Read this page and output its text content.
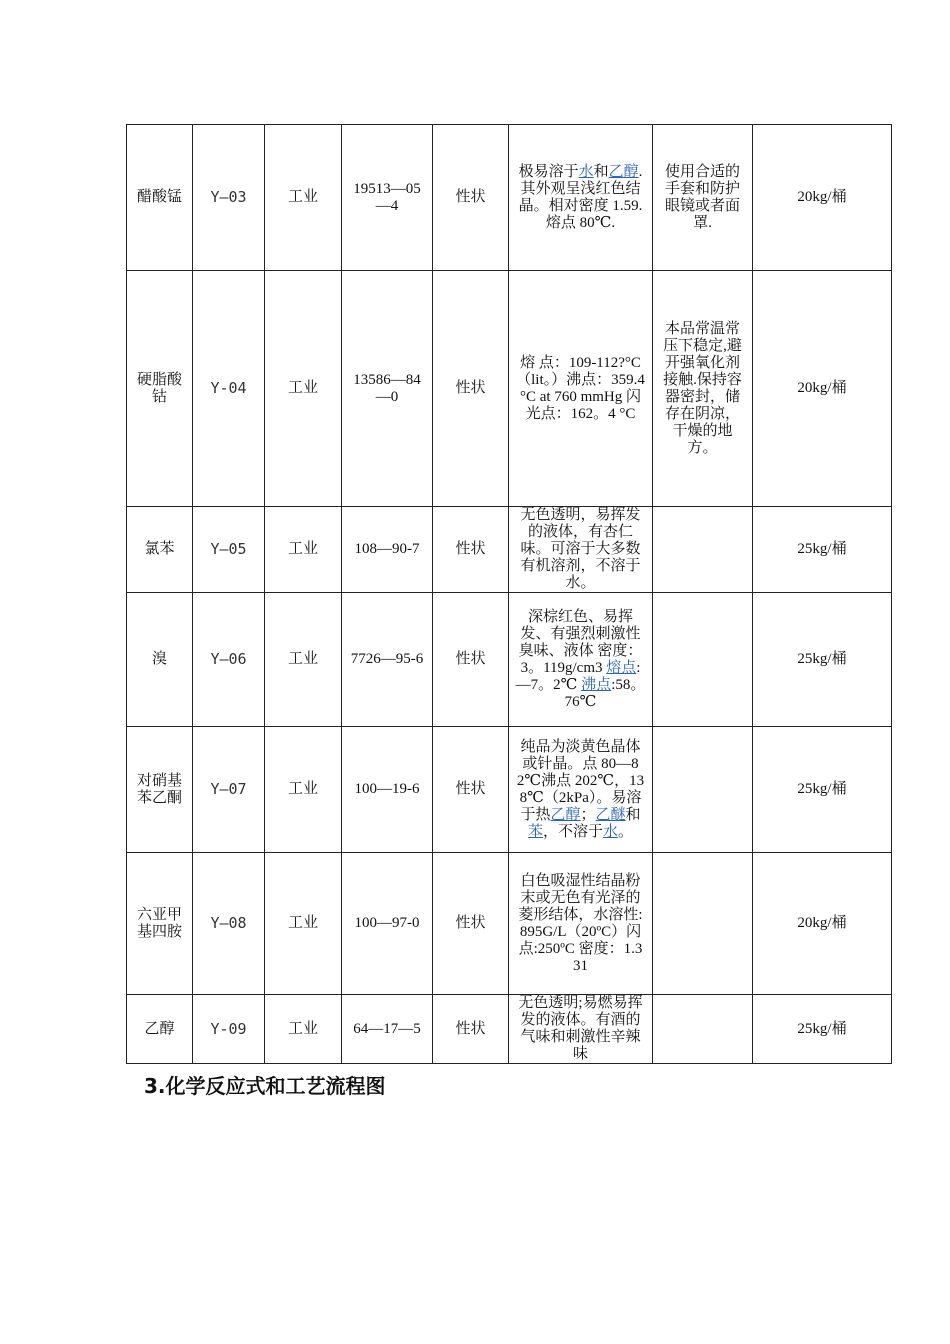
醋酸锰	Y—03	工业	19513—05—4	性状	极易溶于水和乙醇.其外观呈浅红色结晶。相对密度 1.59.熔点 80℃.	使用合适的手套和防护眼镜或者面罩.	20kg/桶
硬脂酸钴	Y-04	工业	13586—84—0	性状	熔 点：109-112?°C（lit。）沸点：359.4 °C at 760 mmHg 闪 光点：162。4 °C	本品常温常压下稳定,避开强氧化剂接触.保持容器密封，储存在阴凉，干燥的地方。	20kg/桶
氯苯	Y—05	工业	108—90-7	性状	无色透明，易挥发的液体，有杏仁味。可溶于大多数有机溶剂，不溶于水。		25kg/桶
溴	Y—06	工业	7726—95-6	性状	深棕红色、易挥发、有强烈刺激性臭味、液体 密度：3。119g/cm3 熔点:—7。2℃ 沸点:58。76℃		25kg/桶
对硝基苯乙酮	Y—07	工业	100—19-6	性状	纯品为淡黄色晶体或针晶。点 80—82℃沸点 202℃，138℃（2kPa）。易溶于热乙醇；乙醚和苯，不溶于水。		25kg/桶
六亚甲基四胺	Y—08	工业	100—97-0	性状	白色吸湿性结晶粉末或无色有光泽的菱形结体，水溶性:895G/L（20ºC）闪点:250ºC 密度：1.331		20kg/桶
乙醇	Y-09	工业	64—17—5	性状	无色透明;易燃易挥发的液体。有酒的气味和刺激性辛辣味		25kg/桶
3.化学反应式和工艺流程图
